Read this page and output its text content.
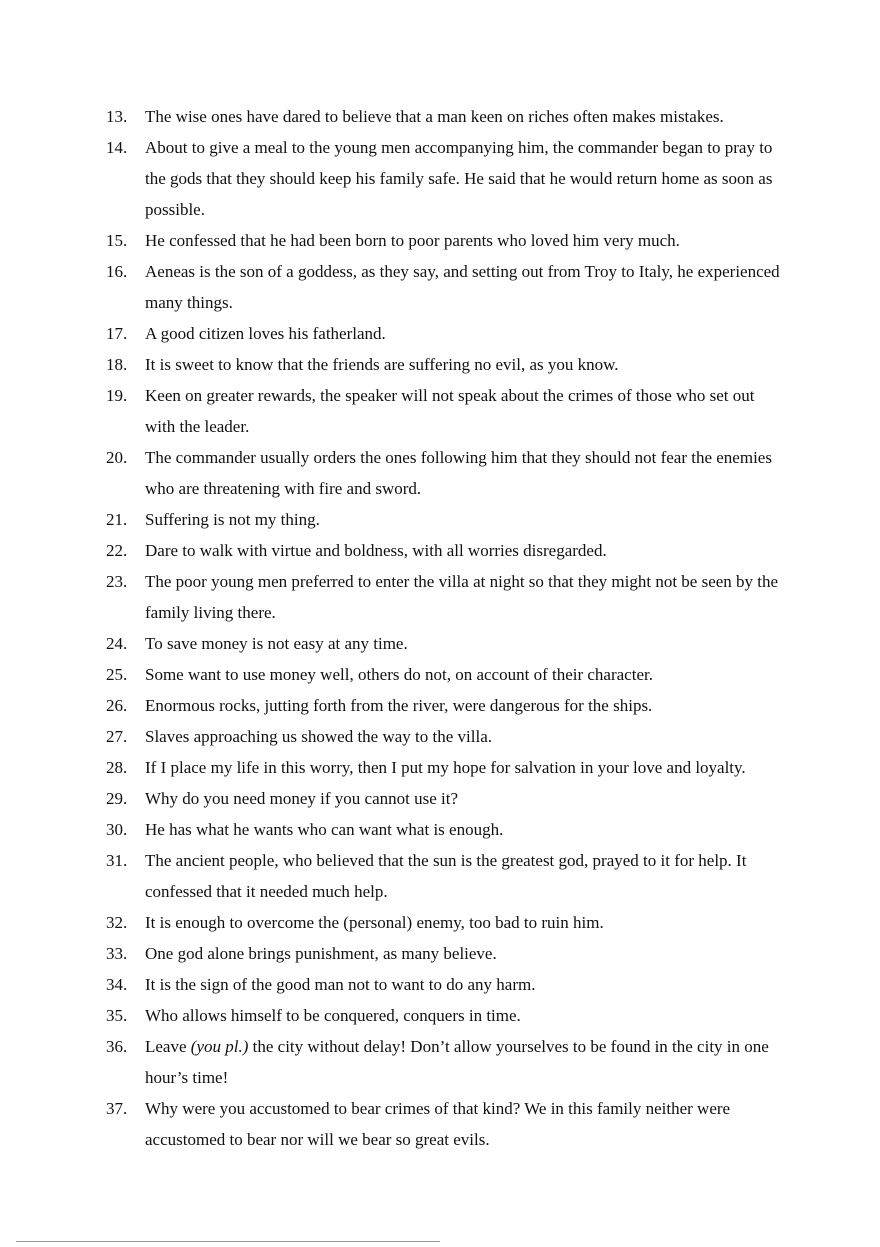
13.	The wise ones have dared to believe that a man keen on riches often makes mistakes.
14.	About to give a meal to the young men accompanying him, the commander began to pray to the gods that they should keep his family safe. He said that he would return home as soon as possible.
15.	He confessed that he had been born to poor parents who loved him very much.
16.	Aeneas is the son of a goddess, as they say, and setting out from Troy to Italy, he experienced many things.
17.	A good citizen loves his fatherland.
18.	It is sweet to know that the friends are suffering no evil, as you know.
19.	Keen on greater rewards, the speaker will not speak about the crimes of those who set out with the leader.
20.	The commander usually orders the ones following him that they should not fear the enemies who are threatening with fire and sword.
21.	Suffering is not my thing.
22.	Dare to walk with virtue and boldness, with all worries disregarded.
23.	The poor young men preferred to enter the villa at night so that they might not be seen by the family living there.
24.	To save money is not easy at any time.
25.	Some want to use money well, others do not, on account of their character.
26.	Enormous rocks, jutting forth from the river, were dangerous for the ships.
27.	Slaves approaching us showed the way to the villa.
28.	If I place my life in this worry, then I put my hope for salvation in your love and loyalty.
29.	Why do you need money if you cannot use it?
30.	He has what he wants who can want what is enough.
31.	The ancient people, who believed that the sun is the greatest god, prayed to it for help. It confessed that it needed much help.
32.	It is enough to overcome the (personal) enemy, too bad to ruin him.
33.	One god alone brings punishment, as many believe.
34.	It is the sign of the good man not to want to do any harm.
35.	Who allows himself to be conquered, conquers in time.
36.	Leave (you pl.) the city without delay! Don’t allow yourselves to be found in the city in one hour’s time!
37.	Why were you accustomed to bear crimes of that kind? We in this family neither were accustomed to bear nor will we bear so great evils.
